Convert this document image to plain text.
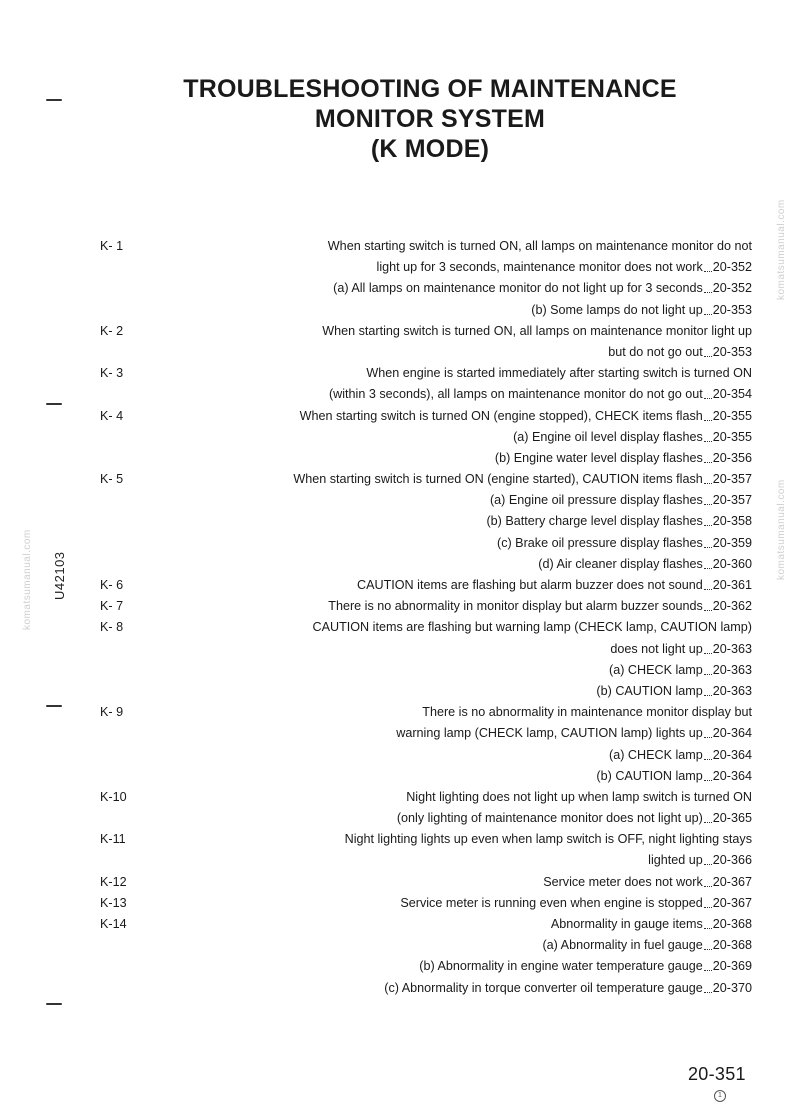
TROUBLESHOOTING OF MAINTENANCE
MONITOR SYSTEM
(K MODE)
U42103
komatsumanual.com	komatsumanual.com
komatsumanual.com
K- 1	When starting switch is turned ON, all lamps on maintenance monitor do not
light up for 3 seconds, maintenance monitor does not work 20-352
(a) All lamps on maintenance monitor do not light up for 3 seconds 20-352
(b) Some lamps do not light up 20-353
K- 2	When starting switch is turned ON, all lamps on maintenance monitor light up
but do not go out 20-353
K- 3	When engine is started immediately after starting switch is turned ON
(within 3 seconds), all lamps on maintenance monitor do not go out 20-354
K- 4	When starting switch is turned ON (engine stopped), CHECK items flash 20-355
(a) Engine oil level display flashes 20-355
(b) Engine water level display flashes 20-356
K- 5	When starting switch is turned ON (engine started), CAUTION items flash 20-357
(a) Engine oil pressure display flashes 20-357
(b) Battery charge level display flashes 20-358
(c) Brake oil pressure display flashes 20-359
(d) Air cleaner display flashes 20-360
K- 6	CAUTION items are flashing but alarm buzzer does not sound 20-361
K- 7	There is no abnormality in monitor display but alarm buzzer sounds 20-362
K- 8	CAUTION items are flashing but warning lamp (CHECK lamp, CAUTION lamp)
does not light up 20-363
(a) CHECK lamp 20-363
(b) CAUTION lamp 20-363
K- 9	There is no abnormality in maintenance monitor display but
warning lamp (CHECK lamp, CAUTION lamp) lights up 20-364
(a) CHECK lamp 20-364
(b) CAUTION lamp 20-364
K-10	Night lighting does not light up when lamp switch is turned ON
(only lighting of maintenance monitor does not light up) 20-365
K-11	Night lighting lights up even when lamp switch is OFF, night lighting stays
lighted up 20-366
K-12	Service meter does not work 20-367
K-13	Service meter is running even when engine is stopped 20-367
K-14	Abnormality in gauge items 20-368
(a) Abnormality in fuel gauge 20-368
(b) Abnormality in engine water temperature gauge 20-369
(c) Abnormality in torque converter oil temperature gauge 20-370
20-351
1
